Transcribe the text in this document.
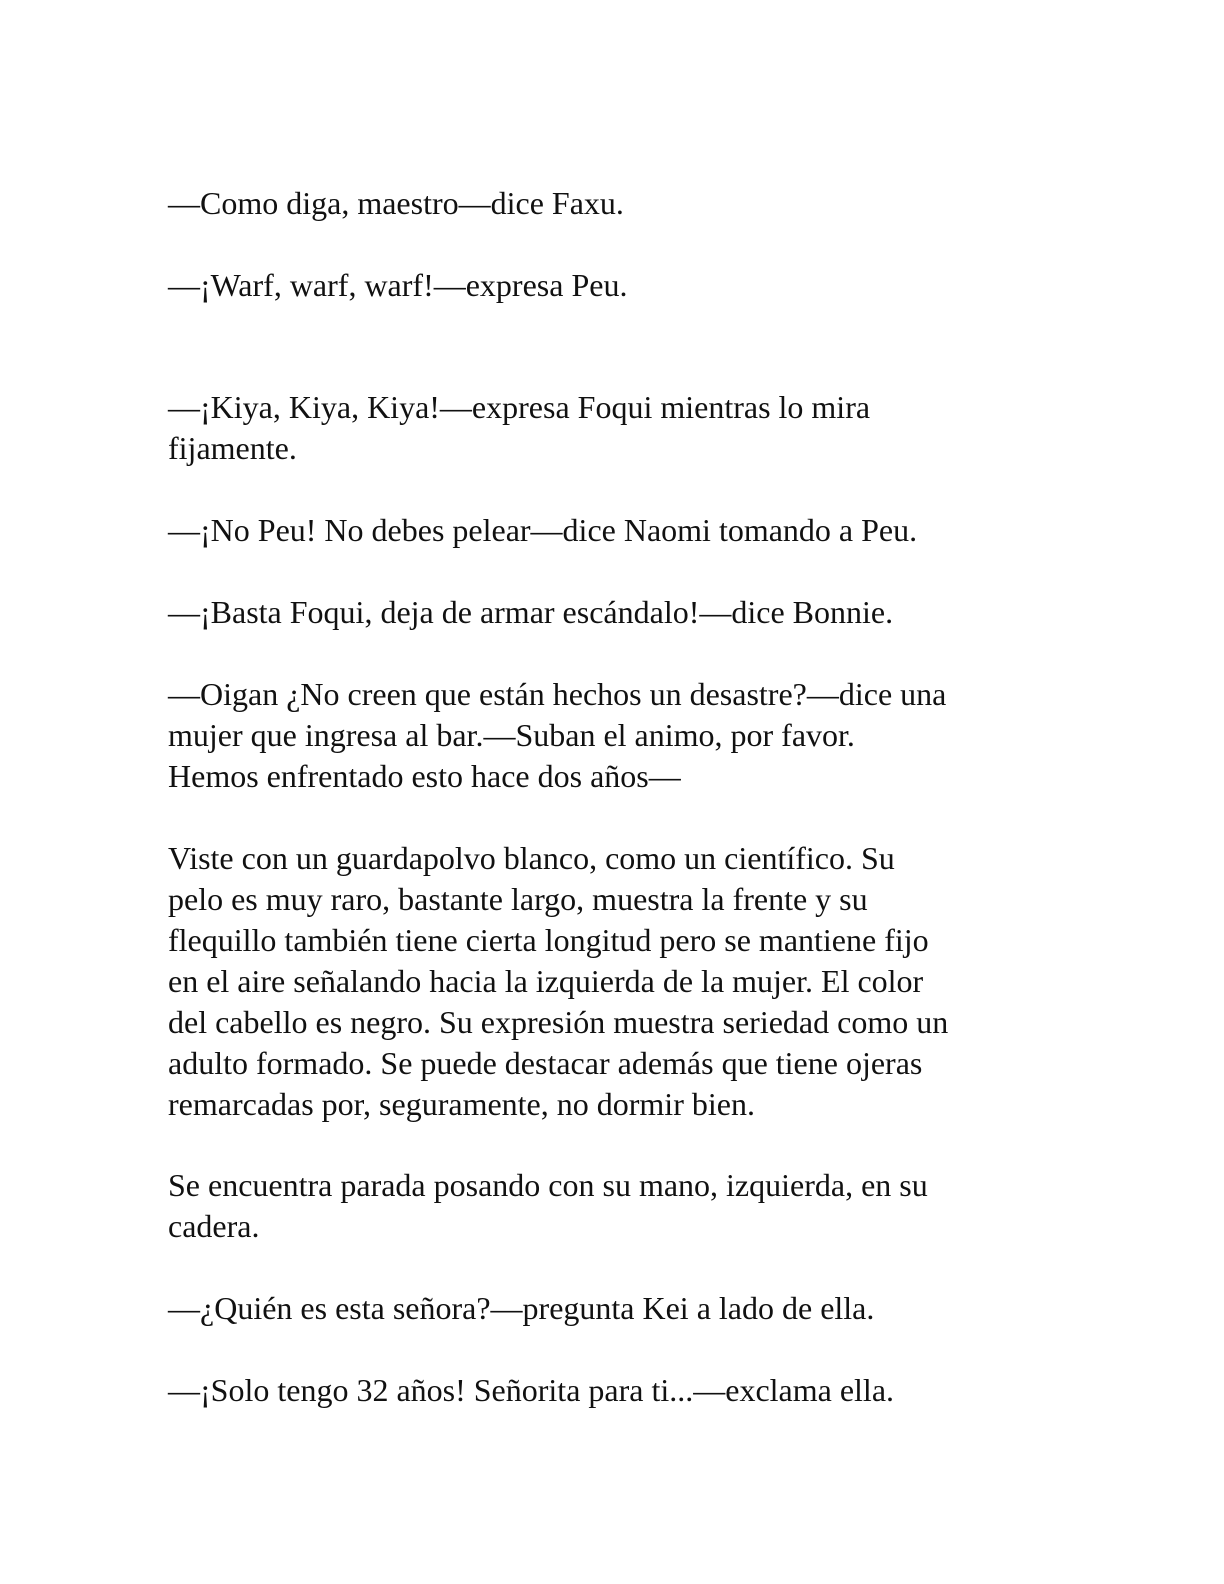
—Como diga, maestro—dice Faxu.

—¡Warf, warf, warf!—expresa Peu.

—¡Kiya, Kiya, Kiya!—expresa Foqui mientras lo mira
fijamente.

—¡No Peu! No debes pelear—dice Naomi tomando a Peu.

—¡Basta Foqui, deja de armar escándalo!—dice Bonnie.

—Oigan ¿No creen que están hechos un desastre?—dice una
mujer que ingresa al bar.—Suban el animo, por favor.
Hemos enfrentado esto hace dos años—

Viste con un guardapolvo blanco, como un científico. Su
pelo es muy raro, bastante largo, muestra la frente y su
flequillo también tiene cierta longitud pero se mantiene fijo
en el aire señalando hacia la izquierda de la mujer. El color
del cabello es negro. Su expresión muestra seriedad como un
adulto formado. Se puede destacar además que tiene ojeras
remarcadas por, seguramente, no dormir bien.

Se encuentra parada posando con su mano, izquierda, en su
cadera.

—¿Quién es esta señora?—pregunta Kei a lado de ella.

—¡Solo tengo 32 años! Señorita para ti...—exclama ella.
